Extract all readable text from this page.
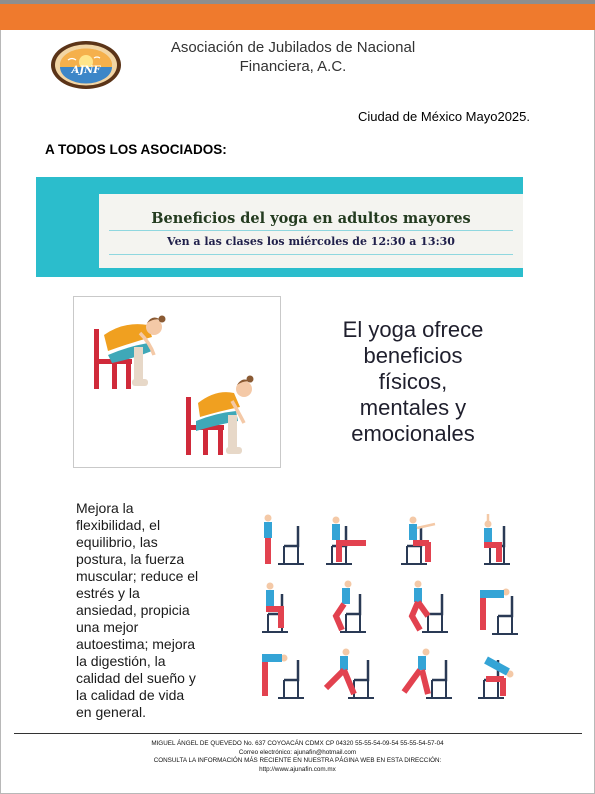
AJNF
Asociación de Jubilados de Nacional
Financiera, A.C.
Ciudad de México Mayo2025.
A TODOS LOS ASOCIADOS:
Beneficios del yoga en adultos mayores
Ven a las clases los miércoles de 12:30 a 13:30
El yoga ofrece
beneficios
físicos,
mentales y
emocionales
Mejora la
flexibilidad, el
equilibrio, las
postura, la fuerza
muscular; reduce el
estrés y la
ansiedad, propicia
una mejor
autoestima; mejora
la digestión, la
calidad del sueño y
la calidad de vida
en general.
MIGUEL ÁNGEL DE QUEVEDO No. 637 COYOACÁN CDMX CP 04320 55-55-54-09-54 55-55-54-57-04
Correo electrónico: ajunafin@hotmail.com
CONSULTA LA INFORMACIÓN MÁS RECIENTE EN NUESTRA PÁGINA WEB EN ESTA DIRECCIÓN:
http://www.ajunafin.com.mx
